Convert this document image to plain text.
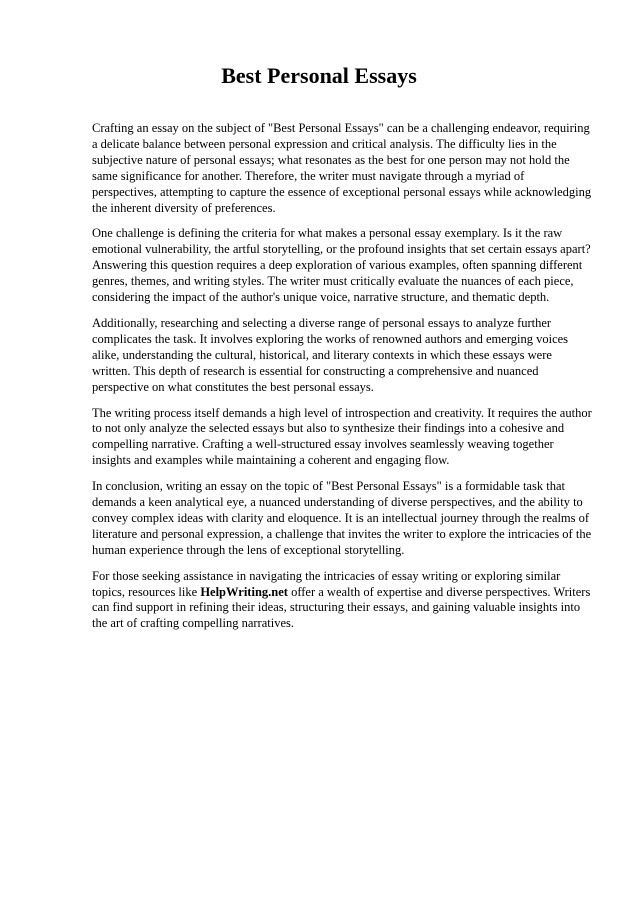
Best Personal Essays

Crafting an essay on the subject of "Best Personal Essays" can be a challenging endeavor, requiring a delicate balance between personal expression and critical analysis. The difficulty lies in the subjective nature of personal essays; what resonates as the best for one person may not hold the same significance for another. Therefore, the writer must navigate through a myriad of perspectives, attempting to capture the essence of exceptional personal essays while acknowledging the inherent diversity of preferences.

One challenge is defining the criteria for what makes a personal essay exemplary. Is it the raw emotional vulnerability, the artful storytelling, or the profound insights that set certain essays apart? Answering this question requires a deep exploration of various examples, often spanning different genres, themes, and writing styles. The writer must critically evaluate the nuances of each piece, considering the impact of the author's unique voice, narrative structure, and thematic depth.

Additionally, researching and selecting a diverse range of personal essays to analyze further complicates the task. It involves exploring the works of renowned authors and emerging voices alike, understanding the cultural, historical, and literary contexts in which these essays were written. This depth of research is essential for constructing a comprehensive and nuanced perspective on what constitutes the best personal essays.

The writing process itself demands a high level of introspection and creativity. It requires the author to not only analyze the selected essays but also to synthesize their findings into a cohesive and compelling narrative. Crafting a well-structured essay involves seamlessly weaving together insights and examples while maintaining a coherent and engaging flow.

In conclusion, writing an essay on the topic of "Best Personal Essays" is a formidable task that demands a keen analytical eye, a nuanced understanding of diverse perspectives, and the ability to convey complex ideas with clarity and eloquence. It is an intellectual journey through the realms of literature and personal expression, a challenge that invites the writer to explore the intricacies of the human experience through the lens of exceptional storytelling.

For those seeking assistance in navigating the intricacies of essay writing or exploring similar topics, resources like HelpWriting.net offer a wealth of expertise and diverse perspectives. Writers can find support in refining their ideas, structuring their essays, and gaining valuable insights into the art of crafting compelling narratives.
